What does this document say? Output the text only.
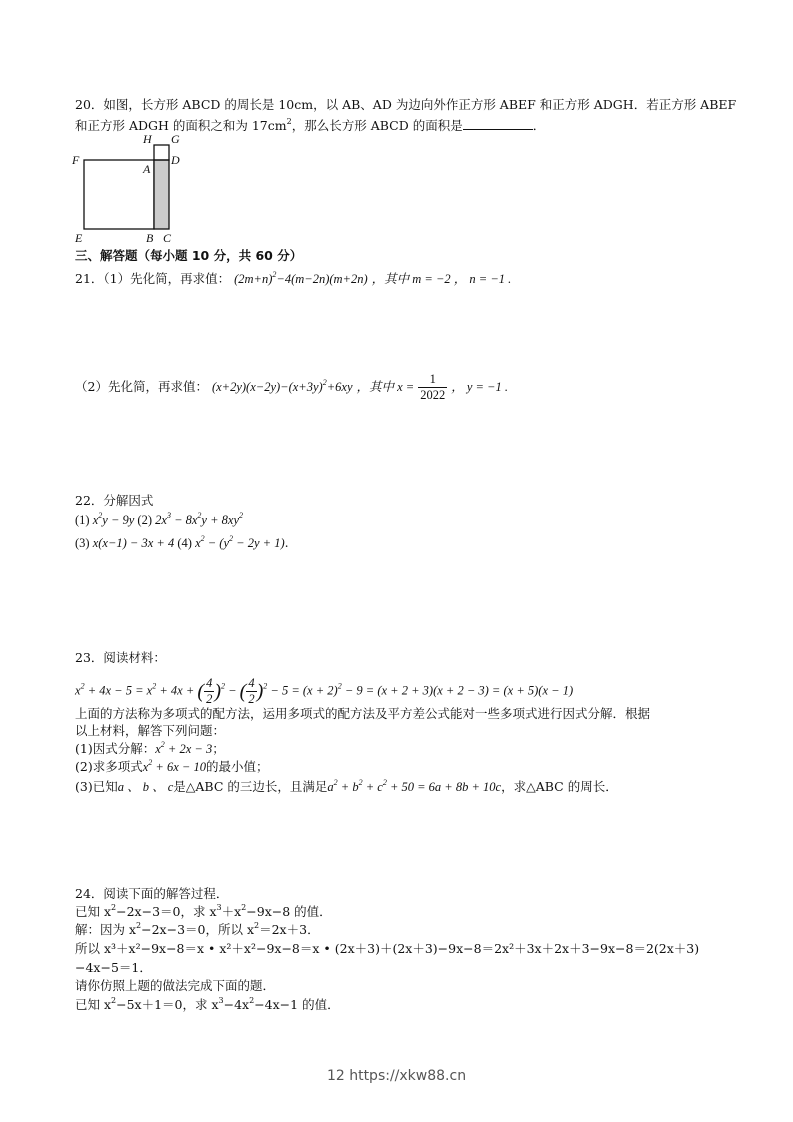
20．如图，长方形 ABCD 的周长是 10cm，以 AB、AD 为边向外作正方形 ABEF 和正方形 ADGH．若正方形 ABEF
和正方形 ADGH 的面积之和为 $17cm^2$，那么长方形 ABCD 的面积是	．
H G
F
A
D
E	B C
三、解答题（每小题 10 分，共 60 分）
21．（1）先化简，再求值： $(2m+n)^2-4(m-2n)(m+2n)$ ，其中 m = −2 ， n = −1 .
（2）先化简，再求值： $(x+2y)(x-2y)-(x+3y)^2+6xy$ ，其中 $x = \frac{1}{2022}$ ， y = −1 .
22．分解因式
(1) $x^2y - 9y$ (2) $2x^3 - 8x^2y + 8xy^2$
(3) x(x−1) − 3x + 4 (4) $x^2 - (y^2 - 2y + 1)$.
23．阅读材料：
$x^2 + 4x - 5 = x^2 + 4x$ + ( $\frac{4}{2} )^2$ − ( $\frac{4}{2} )^2 - 5 = (x + 2)^2 - 9 = (x + 2 + 3)(x + 2 - 3) = (x + 5)(x - 1)$
上面的方法称为多项式的配方法，运用多项式的配方法及平方差公式能对一些多项式进行因式分解．根据
以上材料，解答下列问题：
(1)因式分解：$x^2 + 2x - 3$；
(2)求多项式$x^2 + 6x - 10$的最小值；
(3)已知a 、 b 、 c是△ABC 的三边长，且满足$a^2 + b^2 + c^2 + 50 = 6a + 8b + 10c$，求△ABC 的周长．
24．阅读下面的解答过程．
已知 $x^2-2x-3=0$，求 $x^3+x^2-9x-8$ 的值．
解：因为 $x^2-2x-3=0$，所以 $x^2=2x+3$．
所以 x³＋x²−9x−8＝x • x²＋x²−9x−8＝x • (2x＋3)＋(2x＋3)−9x−8＝2x²＋3x＋2x＋3−9x−8＝2(2x＋3)
−4x−5＝1．
请你仿照上题的做法完成下面的题．
已知 $x^2-5x+1=0$，求 $x^3-4x^2-4x-1$ 的值．
12 https://xkw88.cn
